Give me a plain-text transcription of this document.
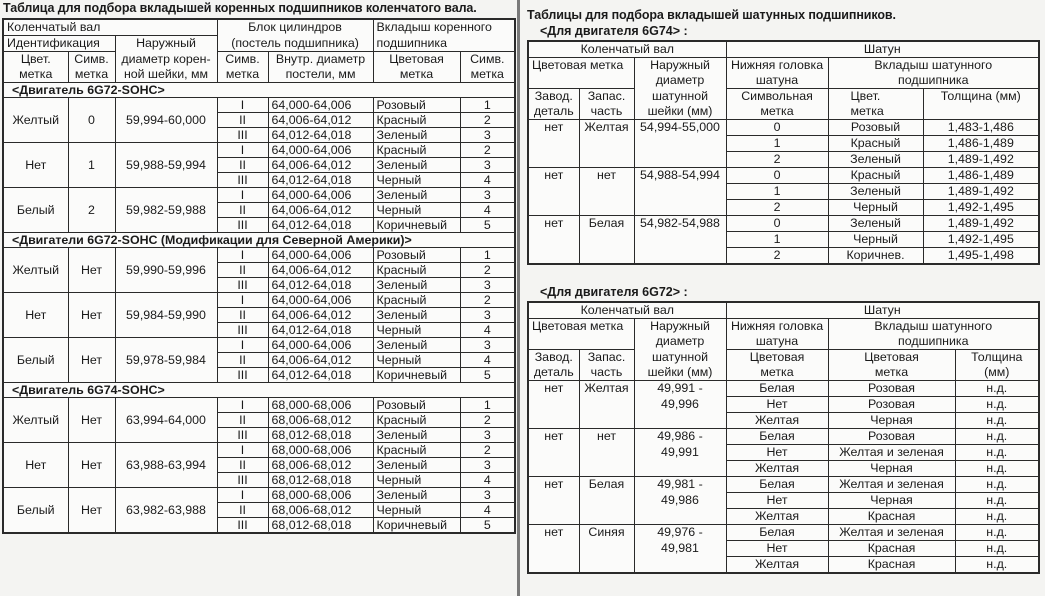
Таблица для подбора вкладышей коренных подшипников коленчатого вала.
Коленчатый вал			Блок цилиндров		Вкладыш коренного	
Идентификация		Наружный	(постель подшипника)		подшипника	
Цвет.	Симв.	диаметр корен-	Симв.	Внутр. диаметр	Цветовая	Симв.
метка	метка	ной шейки, мм	метка	постели, мм	метка	метка
<Двигатель 6G72-SOHC>						
Желтый	0	59,994-60,000	I	64,000-64,006	Розовый	1
			II	64,006-64,012	Красный	2
			III	64,012-64,018	Зеленый	3
Нет	1	59,988-59,994	I	64,000-64,006	Красный	2
			II	64,006-64,012	Зеленый	3
			III	64,012-64,018	Черный	4
Белый	2	59,982-59,988	I	64,000-64,006	Зеленый	3
			II	64,006-64,012	Черный	4
			III	64,012-64,018	Коричневый	5
<Двигатели 6G72-SOHC (Модификации для Северной Америки)>						
Желтый	Нет	59,990-59,996	I	64,000-64,006	Розовый	1
			II	64,006-64,012	Красный	2
			III	64,012-64,018	Зеленый	3
Нет	Нет	59,984-59,990	I	64,000-64,006	Красный	2
			II	64,006-64,012	Зеленый	3
			III	64,012-64,018	Черный	4
Белый	Нет	59,978-59,984	I	64,000-64,006	Зеленый	3
			II	64,006-64,012	Черный	4
			III	64,012-64,018	Коричневый	5
<Двигатель 6G74-SOHC>						
Желтый	Нет	63,994-64,000	I	68,000-68,006	Розовый	1
			II	68,006-68,012	Красный	2
			III	68,012-68,018	Зеленый	3
Нет	Нет	63,988-63,994	I	68,000-68,006	Красный	2
			II	68,006-68,012	Зеленый	3
			III	68,012-68,018	Черный	4
Белый	Нет	63,982-63,988	I	68,000-68,006	Зеленый	3
			II	68,006-68,012	Черный	4
			III	68,012-68,018	Коричневый	5
Таблицы для подбора вкладышей шатунных подшипников.
<Для двигателя 6G74> :
Коленчатый вал			Шатун		
Цветовая метка		Наружный	Нижняя головка	Вкладыш шатунного	
		диаметр	шатуна	подшипника	
Завод.	Запас.	шатунной	Символьная	Цвет.	Толщина (мм)
деталь	часть	шейки (мм)	метка	метка	
нет	Желтая	54,994-55,000	0	Розовый	1,483-1,486
			1	Красный	1,486-1,489
			2	Зеленый	1,489-1,492
нет	нет	54,988-54,994	0	Красный	1,486-1,489
			1	Зеленый	1,489-1,492
			2	Черный	1,492-1,495
нет	Белая	54,982-54,988	0	Зеленый	1,489-1,492
			1	Черный	1,492-1,495
			2	Коричнев.	1,495-1,498
<Для двигателя 6G72> :
Коленчатый вал			Шатун		
Цветовая метка		Наружный	Нижняя головка	Вкладыш шатунного	
		диаметр	шатуна	подшипника	
Завод.	Запас.	шатунной	Цветовая	Цветовая	Толщина
деталь	часть	шейки (мм)	метка	метка	(мм)
нет	Желтая	49,991 -	Белая	Розовая	н.д.
		49,996	Нет	Розовая	н.д.
			Желтая	Черная	н.д.
нет	нет	49,986 -	Белая	Розовая	н.д.
		49,991	Нет	Желтая и зеленая	н.д.
			Желтая	Черная	н.д.
нет	Белая	49,981 -	Белая	Желтая и зеленая	н.д.
		49,986	Нет	Черная	н.д.
			Желтая	Красная	н.д.
нет	Синяя	49,976 -	Белая	Желтая и зеленая	н.д.
		49,981	Нет	Красная	н.д.
			Желтая	Красная	н.д.
